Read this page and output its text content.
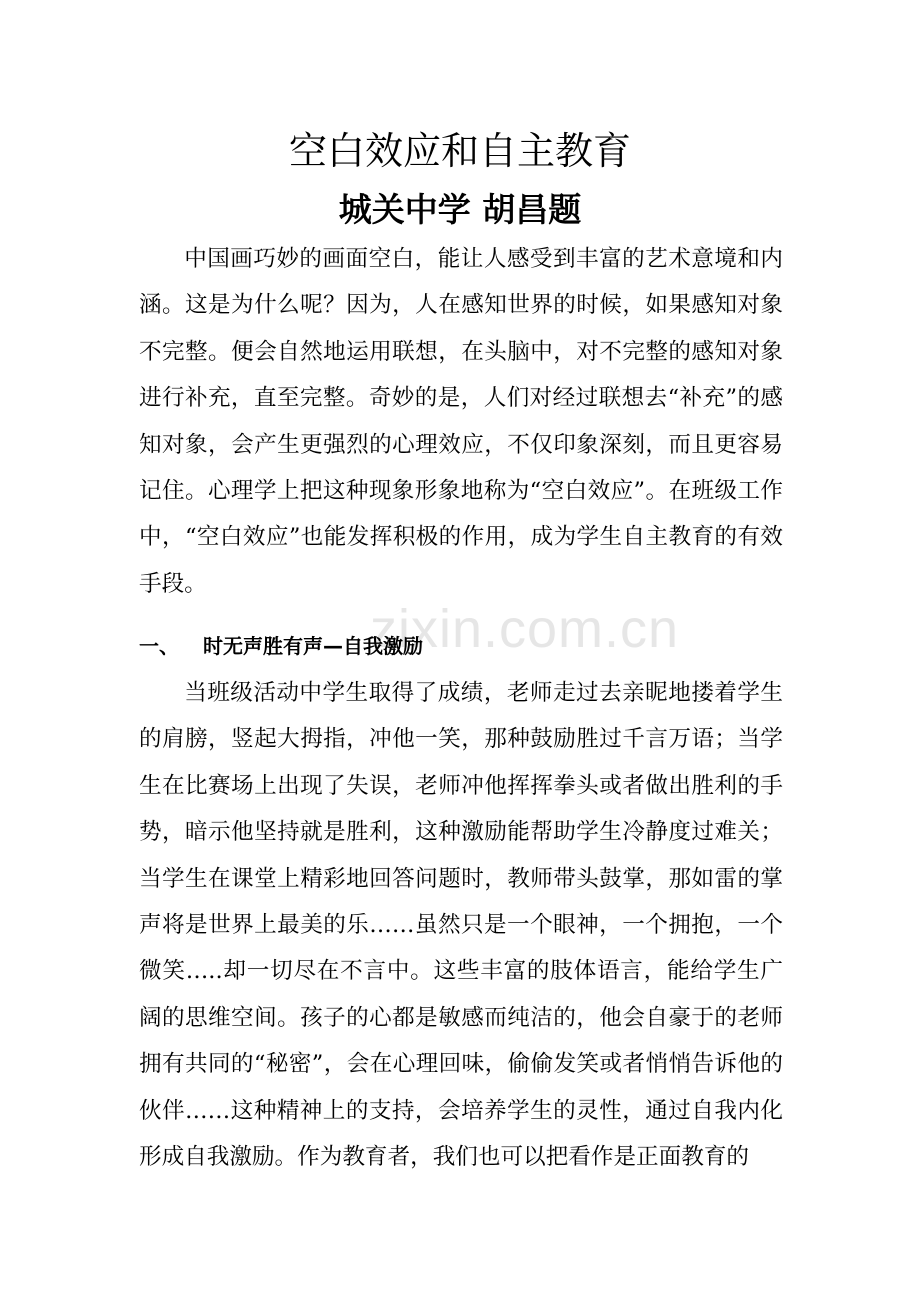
zixin.com.cn
空白效应和自主教育
城关中学 胡昌题

中国画巧妙的画面空白，能让人感受到丰富的艺术意境和内涵。这是为什么呢？因为，人在感知世界的时候，如果感知对象不完整。便会自然地运用联想，在头脑中，对不完整的感知对象进行补充，直至完整。奇妙的是，人们对经过联想去“补充”的感知对象，会产生更强烈的心理效应，不仅印象深刻，而且更容易记住。心理学上把这种现象形象地称为“空白效应”。在班级工作中，“空白效应”也能发挥积极的作用，成为学生自主教育的有效手段。

一、 时无声胜有声—自我激励

当班级活动中学生取得了成绩，老师走过去亲昵地搂着学生的肩膀，竖起大拇指，冲他一笑，那种鼓励胜过千言万语；当学生在比赛场上出现了失误，老师冲他挥挥拳头或者做出胜利的手势，暗示他坚持就是胜利，这种激励能帮助学生冷静度过难关；当学生在课堂上精彩地回答问题时，教师带头鼓掌，那如雷的掌声将是世界上最美的乐……虽然只是一个眼神，一个拥抱，一个微笑…..却一切尽在不言中。这些丰富的肢体语言，能给学生广阔的思维空间。孩子的心都是敏感而纯洁的，他会自豪于的老师拥有共同的“秘密”，会在心理回味，偷偷发笑或者悄悄告诉他的伙伴……这种精神上的支持，会培养学生的灵性，通过自我内化形成自我激励。作为教育者，我们也可以把看作是正面教育的
